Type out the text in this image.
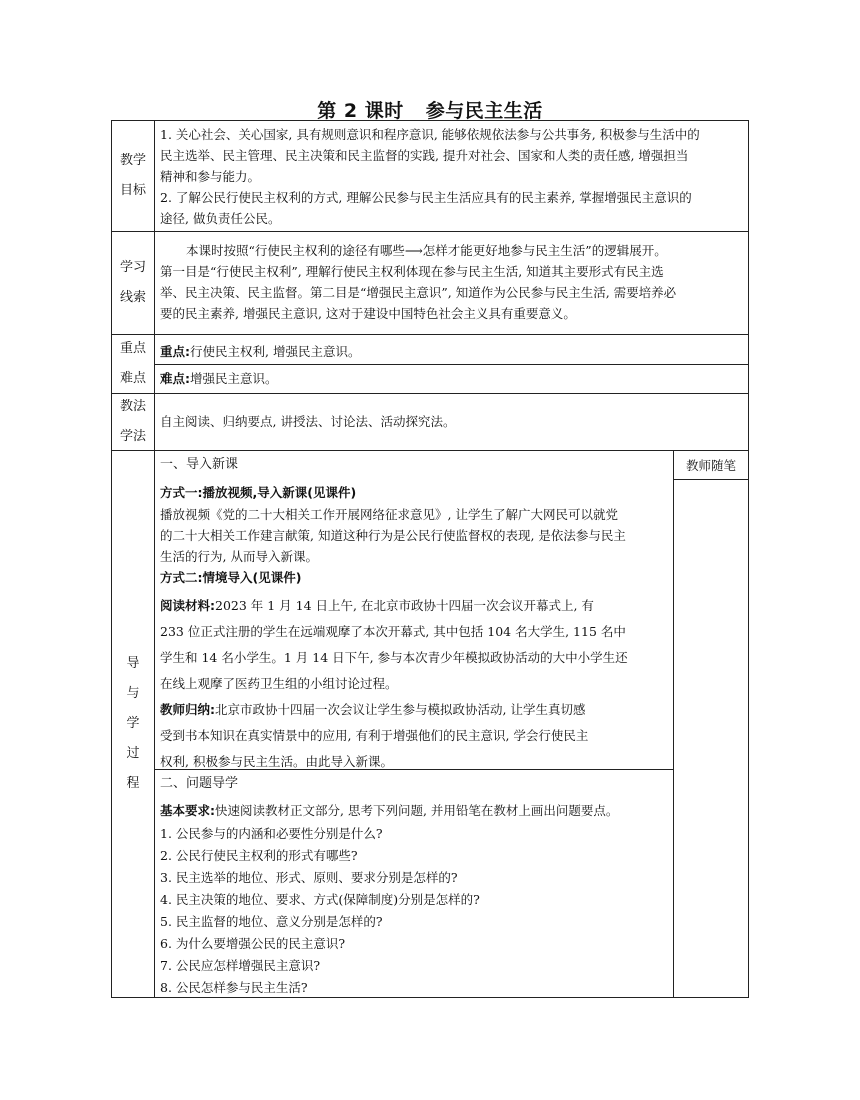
第 2 课时 参与民主生活
教学
目标

1. 关心社会、关心国家, 具有规则意识和程序意识, 能够依规依法参与公共事务, 积极参与生活中的

民主选举、民主管理、民主决策和民主监督的实践, 提升对社会、国家和人类的责任感, 增强担当

精神和参与能力。

2. 了解公民行使民主权利的方式, 理解公民参与民主生活应具有的民主素养, 掌握增强民主意识的

途径, 做负责任公民。

学习
线索

本课时按照“行使民主权利的途径有哪些⟶怎样才能更好地参与民主生活”的逻辑展开。

第一目是“行使民主权利”, 理解行使民主权利体现在参与民主生活, 知道其主要形式有民主选

举、民主决策、民主监督。第二目是“增强民主意识”, 知道作为公民参与民主生活, 需要培养必

要的民主素养, 增强民主意识, 这对于建设中国特色社会主义具有重要意义。

重点
难点

重点:行使民主权利, 增强民主意识。

难点:增强民主意识。

教法
学法

自主阅读、归纳要点, 讲授法、讨论法、活动探究法。

导
与
学
过
程
教师随笔

一、导入新课

方式一:播放视频,导入新课(见课件)

播放视频《党的二十大相关工作开展网络征求意见》, 让学生了解广大网民可以就党

的二十大相关工作建言献策, 知道这种行为是公民行使监督权的表现, 是依法参与民主

生活的行为, 从而导入新课。

方式二:情境导入(见课件)

阅读材料:2023 年 1 月 14 日上午, 在北京市政协十四届一次会议开幕式上, 有

233 位正式注册的学生在远端观摩了本次开幕式, 其中包括 104 名大学生, 115 名中

学生和 14 名小学生。1 月 14 日下午, 参与本次青少年模拟政协活动的大中小学生还

在线上观摩了医药卫生组的小组讨论过程。

教师归纳:北京市政协十四届一次会议让学生参与模拟政协活动, 让学生真切感

受到书本知识在真实情景中的应用, 有利于增强他们的民主意识, 学会行使民主

权利, 积极参与民主生活。由此导入新课。

二、问题导学

基本要求:快速阅读教材正文部分, 思考下列问题, 并用铅笔在教材上画出问题要点。

1. 公民参与的内涵和必要性分别是什么?

2. 公民行使民主权利的形式有哪些?

3. 民主选举的地位、形式、原则、要求分别是怎样的?

4. 民主决策的地位、要求、方式(保障制度)分别是怎样的?

5. 民主监督的地位、意义分别是怎样的?

6. 为什么要增强公民的民主意识?

7. 公民应怎样增强民主意识?

8. 公民怎样参与民主生活?
